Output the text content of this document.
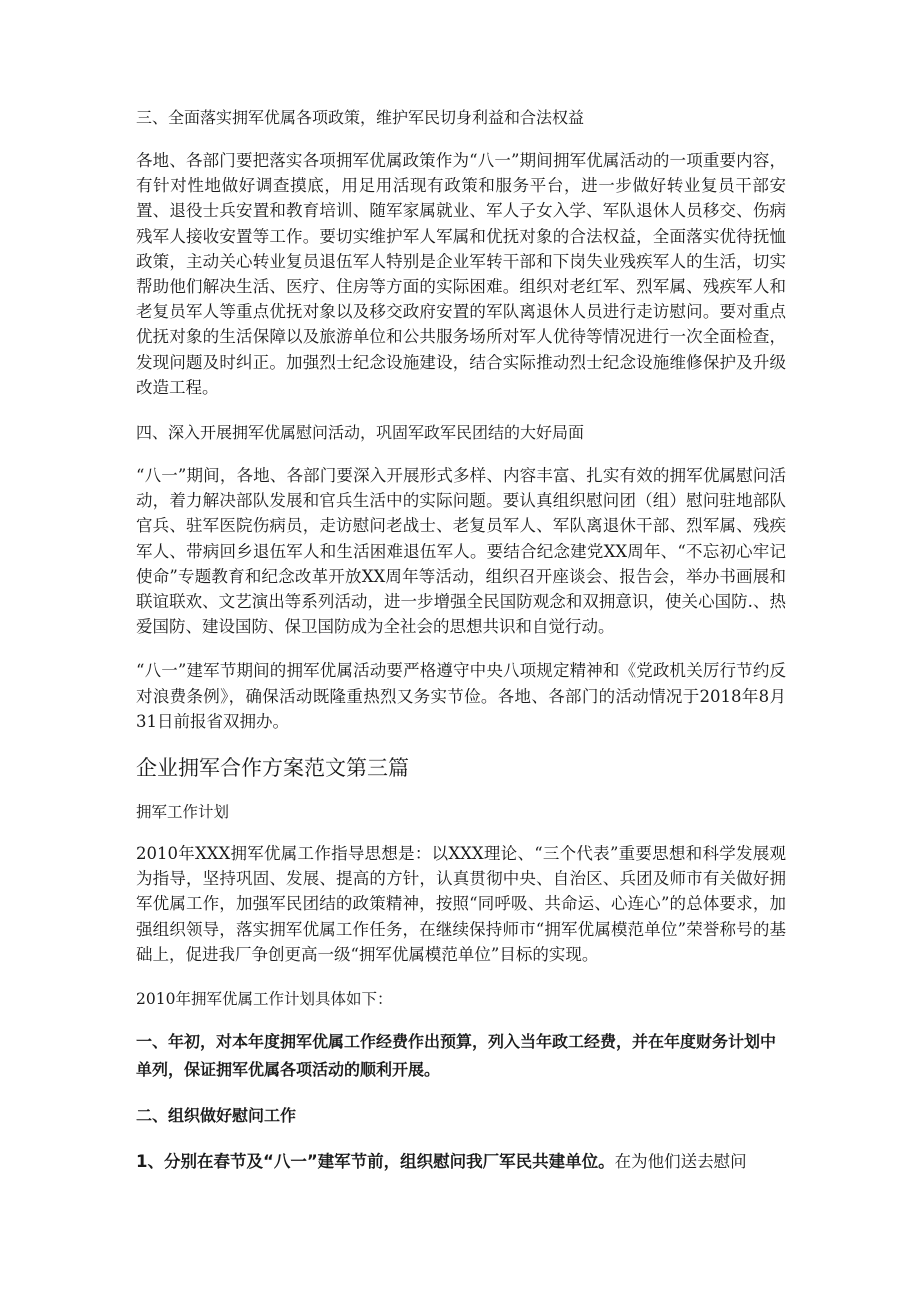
三、全面落实拥军优属各项政策，维护军民切身利益和合法权益

各地、各部门要把落实各项拥军优属政策作为“八一”期间拥军优属活动的一项重要内容，有针对性地做好调查摸底，用足用活现有政策和服务平台，进一步做好转业复员干部安置、退役士兵安置和教育培训、随军家属就业、军人子女入学、军队退休人员移交、伤病残军人接收安置等工作。要切实维护军人军属和优抚对象的合法权益，全面落实优待抚恤政策，主动关心转业复员退伍军人特别是企业军转干部和下岗失业残疾军人的生活，切实帮助他们解决生活、医疗、住房等方面的实际困难。组织对老红军、烈军属、残疾军人和老复员军人等重点优抚对象以及移交政府安置的军队离退休人员进行走访慰问。要对重点优抚对象的生活保障以及旅游单位和公共服务场所对军人优待等情况进行一次全面检查，发现问题及时纠正。加强烈士纪念设施建设，结合实际推动烈士纪念设施维修保护及升级改造工程。

四、深入开展拥军优属慰问活动，巩固军政军民团结的大好局面

“八一”期间，各地、各部门要深入开展形式多样、内容丰富、扎实有效的拥军优属慰问活动，着力解决部队发展和官兵生活中的实际问题。要认真组织慰问团（组）慰问驻地部队官兵、驻军医院伤病员，走访慰问老战士、老复员军人、军队离退休干部、烈军属、残疾军人、带病回乡退伍军人和生活困难退伍军人。要结合纪念建党XX周年、“不忘初心牢记使命”专题教育和纪念改革开放XX周年等活动，组织召开座谈会、报告会，举办书画展和联谊联欢、文艺演出等系列活动，进一步增强全民国防观念和双拥意识，使关心国防.、热爱国防、建设国防、保卫国防成为全社会的思想共识和自觉行动。

“八一”建军节期间的拥军优属活动要严格遵守中央八项规定精神和《党政机关厉行节约反对浪费条例》，确保活动既隆重热烈又务实节俭。各地、各部门的活动情况于2018年8月31日前报省双拥办。

企业拥军合作方案范文第三篇

拥军工作计划

2010年XXX拥军优属工作指导思想是：以XXX理论、“三个代表”重要思想和科学发展观为指导，坚持巩固、发展、提高的方针，认真贯彻中央、自治区、兵团及师市有关做好拥军优属工作，加强军民团结的政策精神，按照“同呼吸、共命运、心连心”的总体要求，加强组织领导，落实拥军优属工作任务，在继续保持师市“拥军优属模范单位”荣誉称号的基础上，促进我厂争创更高一级“拥军优属模范单位”目标的实现。

2010年拥军优属工作计划具体如下：

一、年初，对本年度拥军优属工作经费作出预算，列入当年政工经费，并在年度财务计划中单列，保证拥军优属各项活动的顺利开展。

二、组织做好慰问工作

1、分别在春节及“八一”建军节前，组织慰问我厂军民共建单位。在为他们送去慰问
